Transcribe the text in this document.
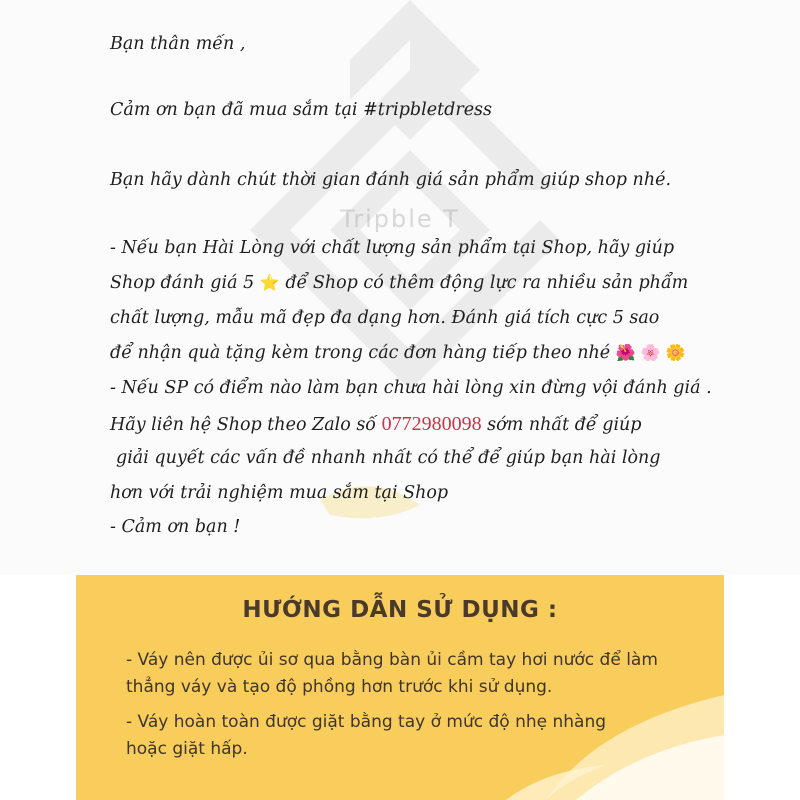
Tripble T

Bạn thân mến ,

Cảm ơn bạn đã mua sắm tại #tripbletdress

Bạn hãy dành chút thời gian đánh giá sản phẩm giúp shop nhé.

- Nếu bạn Hài Lòng với chất lượng sản phẩm tại Shop, hãy giúp

Shop đánh giá 5 ⭐ để Shop có thêm động lực ra nhiều sản phẩm

chất lượng, mẫu mã đẹp đa dạng hơn. Đánh giá tích cực 5 sao

để nhận quà tặng kèm trong các đơn hàng tiếp theo nhé 🌺 🌸 🌼

- Nếu SP có điểm nào làm bạn chưa hài lòng xin đừng vội đánh giá .

Hãy liên hệ Shop theo Zalo số 0772980098 sớm nhất để giúp

giải quyết các vấn đề nhanh nhất có thể để giúp bạn hài lòng

hơn với trải nghiệm mua sắm tại Shop

- Cảm ơn bạn !

HƯỚNG DẪN SỬ DỤNG :

- Váy nên được ủi sơ qua bằng bàn ủi cầm tay hơi nước để làm

thẳng váy và tạo độ phồng hơn trước khi sử dụng.

- Váy hoàn toàn được giặt bằng tay ở mức độ nhẹ nhàng

hoặc giặt hấp.
